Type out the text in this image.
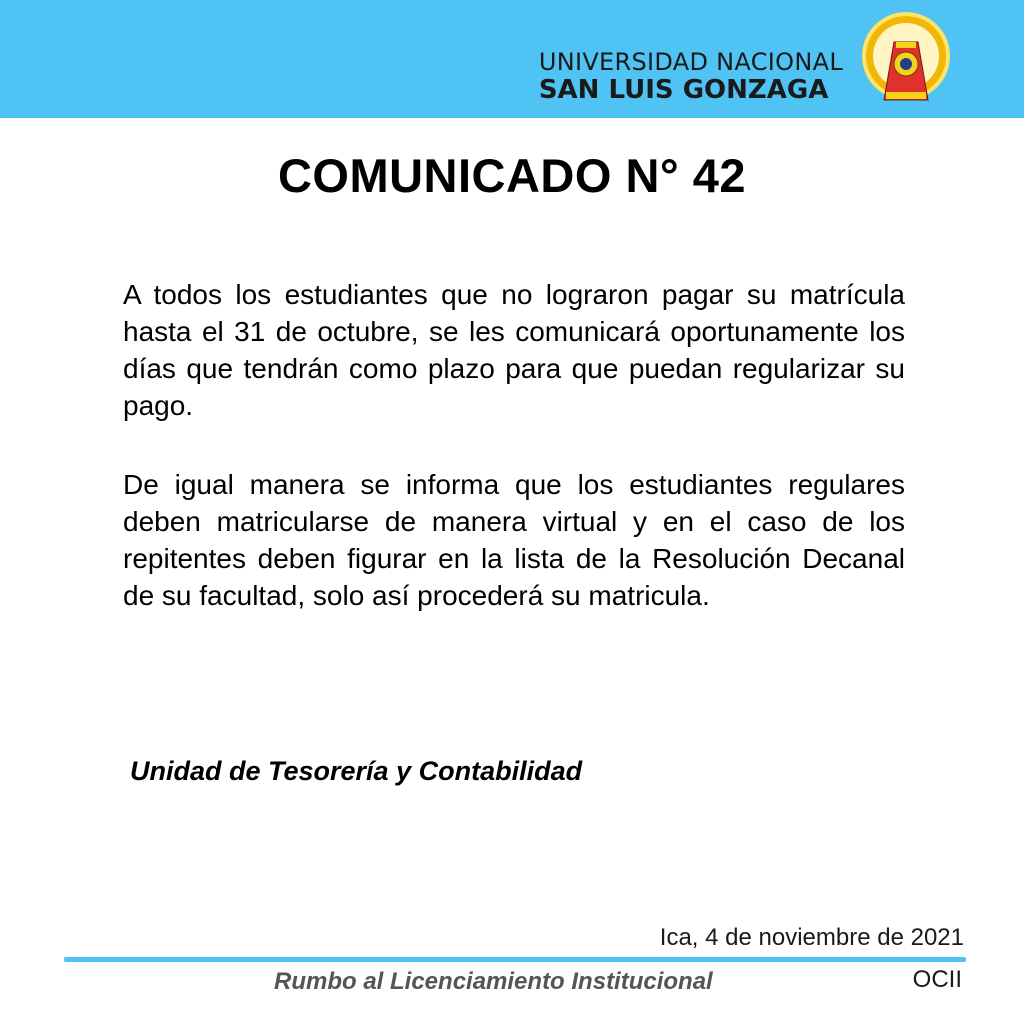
UNIVERSIDAD NACIONAL
SAN LUIS GONZAGA
COMUNICADO N° 42

A todos los estudiantes que no lograron pagar su matrícula hasta el 31 de octubre, se les comunicará oportunamente los días que tendrán como plazo para que puedan regularizar su pago.

De igual manera se informa que los estudiantes regulares deben matricularse de manera virtual y en el caso de los repitentes deben figurar en la lista de la Resolución Decanal de su facultad, solo así procederá su matricula.

Unidad de Tesorería y Contabilidad
Ica, 4 de noviembre de 2021
Rumbo al Licenciamiento Institucional	OCII
